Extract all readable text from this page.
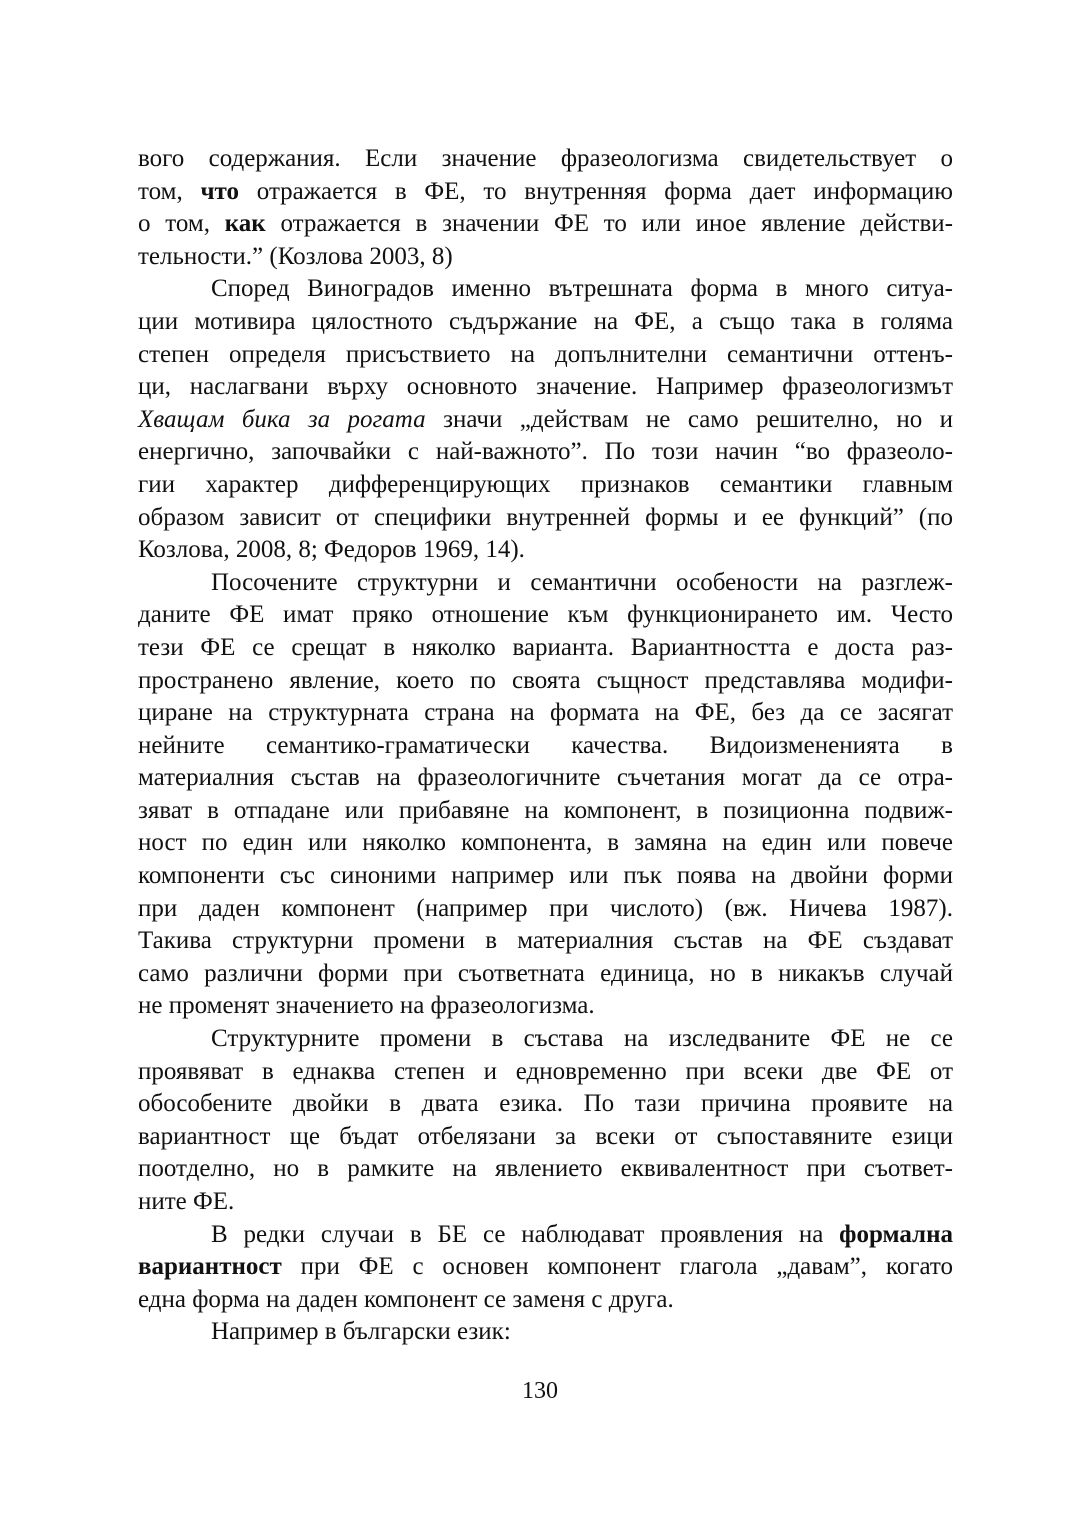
вого содержания. Если значение фразеологизма свидетельствует о
том, что отражается в ФЕ, то внутренняя форма дает информацию
о том, как отражается в значении ФЕ то или иное явление действи-
тельности.” (Козлова 2003, 8)
Според Виноградов именно вътрешната форма в много ситуа-
ции мотивира цялостното съдържание на ФЕ, а също така в голяма
степен определя присъствието на допълнителни семантични оттенъ-
ци, наслагвани върху основното значение. Например фразеологизмът
Хващам бика за рогата значи „действам не само решително, но и
енергично, започвайки с най-важното”. По този начин “во фразеоло-
гии характер дифференцирующих признаков семантики главным
образом зависит от специфики внутренней формы и ее функций” (по
Козлова, 2008, 8; Федоров 1969, 14).
Посочените структурни и семантични особености на разглеж-
даните ФЕ имат пряко отношение към функционирането им. Често
тези ФЕ се срещат в няколко варианта. Вариантността е доста раз-
пространено явление, което по своята същност представлява модифи-
циране на структурната страна на формата на ФЕ, без да се засягат
нейните семантико-граматически качества. Видоизмененията в
материалния състав на фразеологичните съчетания могат да се отра-
зяват в отпадане или прибавяне на компонент, в позиционна подвиж-
ност по един или няколко компонента, в замяна на един или повече
компоненти със синоними например или пък поява на двойни форми
при даден компонент (например при числото) (вж. Ничева 1987).
Такива структурни промени в материалния състав на ФЕ създават
само различни форми при съответната единица, но в никакъв случай
не променят значението на фразеологизма.
Структурните промени в състава на изследваните ФЕ не се
проявяват в еднаква степен и едновременно при всеки две ФЕ от
обособените двойки в двата езика. По тази причина проявите на
вариантност ще бъдат отбелязани за всеки от съпоставяните езици
поотделно, но в рамките на явлението еквивалентност при съответ-
ните ФЕ.
В редки случаи в БЕ се наблюдават проявления на формална
вариантност при ФЕ с основен компонент глагола „давам”, когато
една форма на даден компонент се заменя с друга.
Например в български език:
130
